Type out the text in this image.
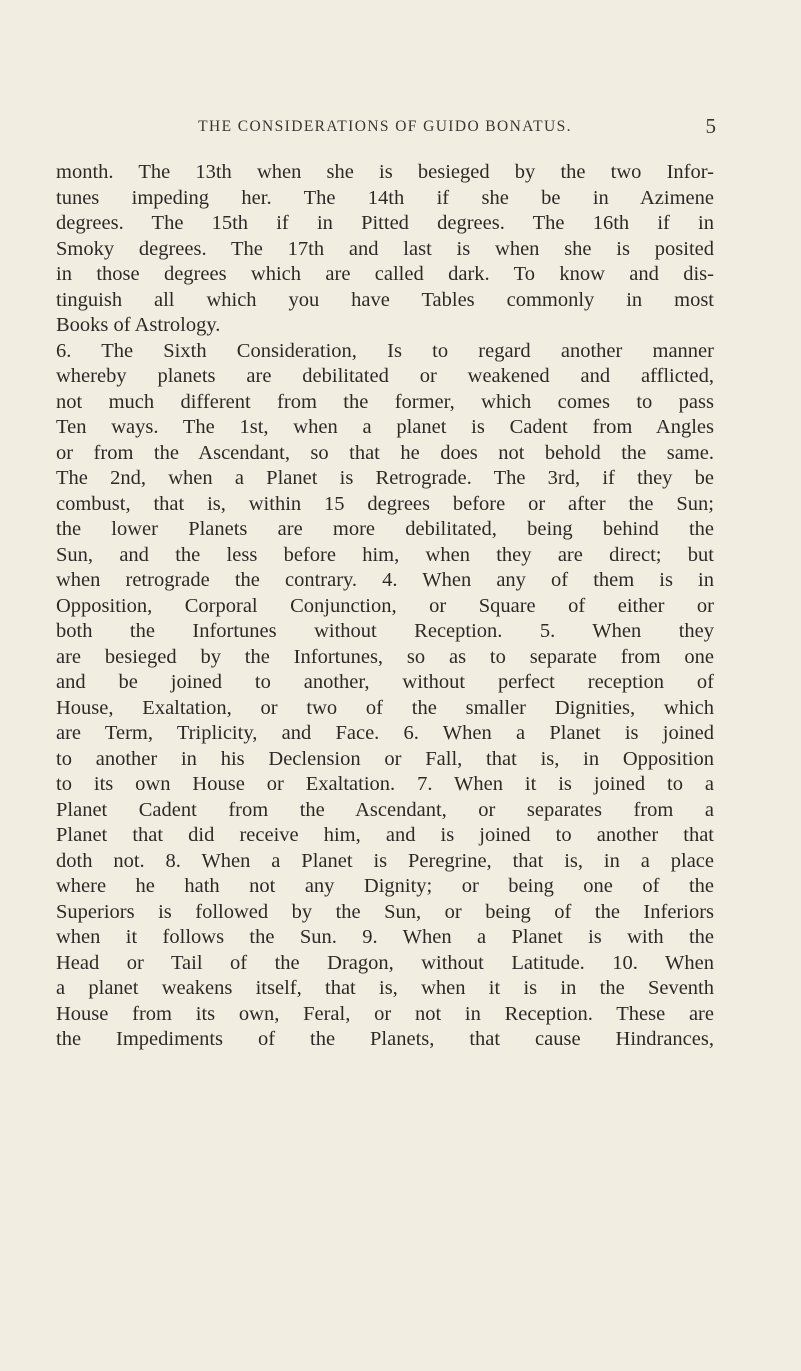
THE CONSIDERATIONS OF GUIDO BONATUS.	5
month. The 13th when she is besieged by the two Infor-
tunes impeding her. The 14th if she be in Azimene
degrees. The 15th if in Pitted degrees. The 16th if in
Smoky degrees. The 17th and last is when she is posited
in those degrees which are called dark. To know and dis-
tinguish all which you have Tables commonly in most
Books of Astrology.
6. The Sixth Consideration, Is to regard another manner
whereby planets are debilitated or weakened and afflicted,
not much different from the former, which comes to pass
Ten ways. The 1st, when a planet is Cadent from Angles
or from the Ascendant, so that he does not behold the same.
The 2nd, when a Planet is Retrograde. The 3rd, if they be
combust, that is, within 15 degrees before or after the Sun;
the lower Planets are more debilitated, being behind the
Sun, and the less before him, when they are direct; but
when retrograde the contrary. 4. When any of them is in
Opposition, Corporal Conjunction, or Square of either or
both the Infortunes without Reception. 5. When they
are besieged by the Infortunes, so as to separate from one
and be joined to another, without perfect reception of
House, Exaltation, or two of the smaller Dignities, which
are Term, Triplicity, and Face. 6. When a Planet is joined
to another in his Declension or Fall, that is, in Opposition
to its own House or Exaltation. 7. When it is joined to a
Planet Cadent from the Ascendant, or separates from a
Planet that did receive him, and is joined to another that
doth not. 8. When a Planet is Peregrine, that is, in a place
where he hath not any Dignity; or being one of the
Superiors is followed by the Sun, or being of the Inferiors
when it follows the Sun. 9. When a Planet is with the
Head or Tail of the Dragon, without Latitude. 10. When
a planet weakens itself, that is, when it is in the Seventh
House from its own, Feral, or not in Reception. These are
the Impediments of the Planets, that cause Hindrances,
